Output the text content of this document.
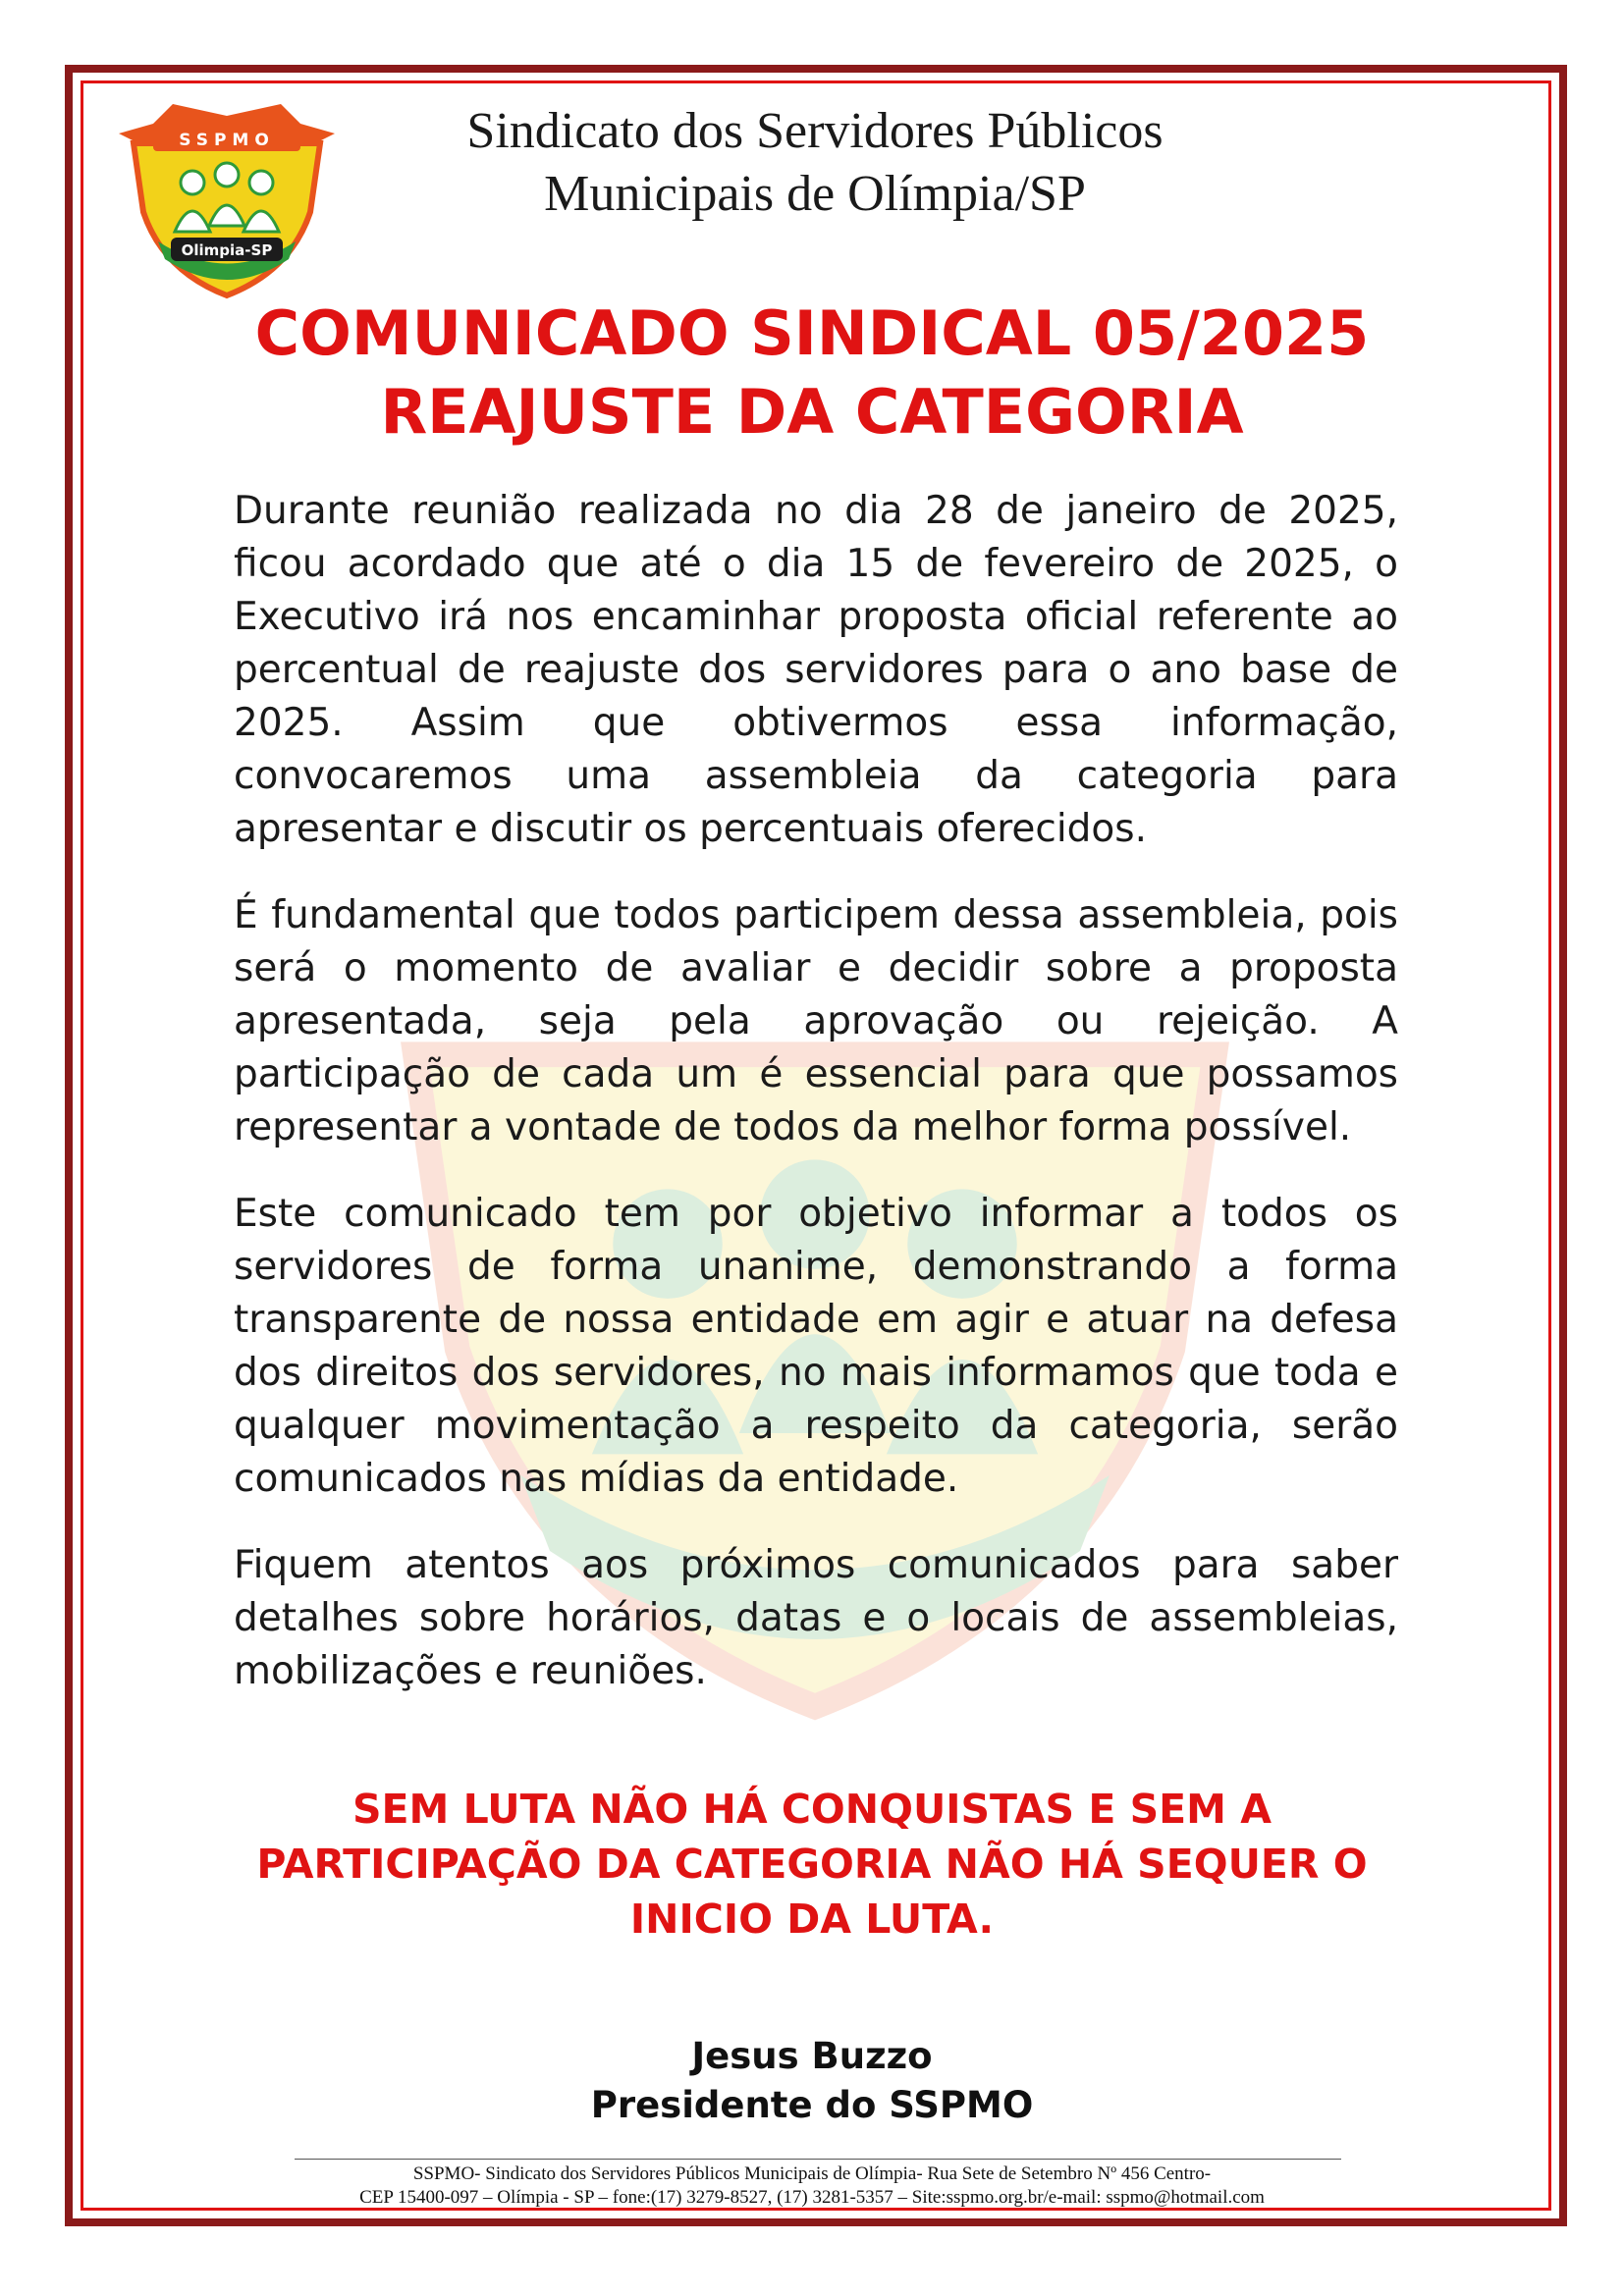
SSPMO
Olimpia-SP
Sindicato dos Servidores Públicos
Municipais de Olímpia/SP
COMUNICADO SINDICAL 05/2025
REAJUSTE DA CATEGORIA

Durante reunião realizada no dia 28 de janeiro de 2025, ficou acordado que até o dia 15 de fevereiro de 2025, o Executivo irá nos encaminhar proposta oficial referente ao percentual de reajuste dos servidores para o ano base de 2025. Assim que obtivermos essa informação, convocaremos uma assembleia da categoria para apresentar e discutir os percentuais oferecidos.

É fundamental que todos participem dessa assembleia, pois será o momento de avaliar e decidir sobre a proposta apresentada, seja pela aprovação ou rejeição. A participação de cada um é essencial para que possamos representar a vontade de todos da melhor forma possível.

Este comunicado tem por objetivo informar a todos os servidores de forma unanime, demonstrando a forma transparente de nossa entidade em agir e atuar na defesa dos direitos dos servidores, no mais informamos que toda e qualquer movimentação a respeito da categoria, serão comunicados nas mídias da entidade.

Fiquem atentos aos próximos comunicados para saber detalhes sobre horários, datas e o locais de assembleias, mobilizações e reuniões.

SEM LUTA NÃO HÁ CONQUISTAS E SEM A
PARTICIPAÇÃO DA CATEGORIA NÃO HÁ SEQUER O
INICIO DA LUTA.
Jesus Buzzo
Presidente do SSPMO
SSPMO- Sindicato dos Servidores Públicos Municipais de Olímpia- Rua Sete de Setembro Nº 456 Centro-
CEP 15400-097 – Olímpia - SP – fone:(17) 3279-8527, (17) 3281-5357 – Site:sspmo.org.br/e-mail: sspmo@hotmail.com
